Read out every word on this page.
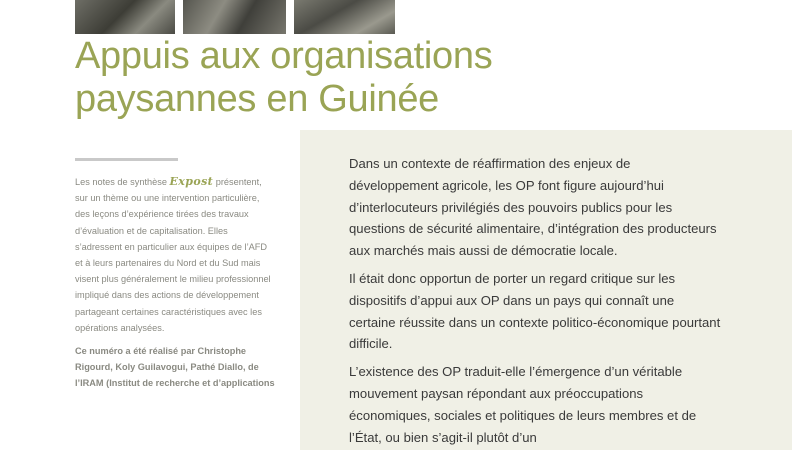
Appuis aux organisations
paysannes en Guinée

Les notes de synthèse Expost présentent, sur un thème ou une intervention particulière, des leçons d’expérience tirées des travaux d’évaluation et de capitalisation. Elles s’adressent en particulier aux équipes de l’AFD et à leurs partenaires du Nord et du Sud mais visent plus généralement le milieu professionnel impliqué dans des actions de développement partageant certaines caractéristiques avec les opérations analysées.

Ce numéro a été réalisé par Christophe Rigourd, Koly Guilavogui, Pathé Diallo, de l’IRAM (Institut de recherche et d’applications

Dans un contexte de réaffirmation des enjeux de développement agricole, les OP font figure aujourd’hui d’interlocuteurs privilégiés des pouvoirs publics pour les questions de sécurité alimentaire, d’intégration des producteurs aux marchés mais aussi de démocratie locale.

Il était donc opportun de porter un regard critique sur les dispositifs d’appui aux OP dans un pays qui connaît une certaine réussite dans un contexte politico-économique pourtant difficile.

L’existence des OP traduit-elle l’émergence d’un véritable mouvement paysan répondant aux préoccupations économiques, sociales et politiques de leurs membres et de l’État, ou bien s’agit-il plutôt d’un
